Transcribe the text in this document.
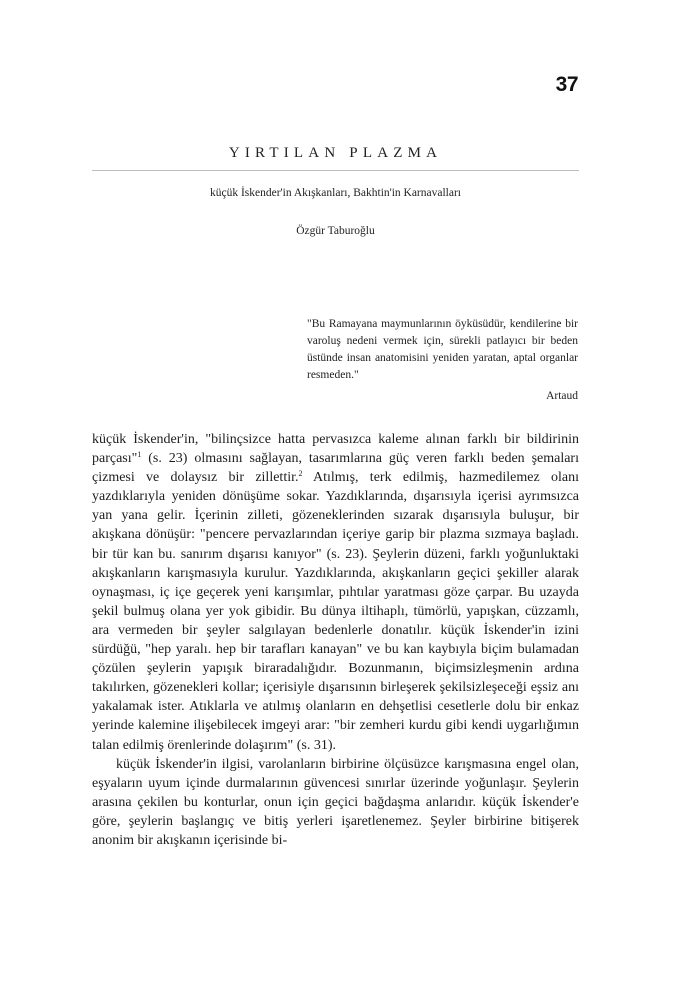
37
YIRTILAN PLAZMA
küçük İskender'in Akışkanları, Bakhtin'in Karnavalları
Özgür Taburoğlu
"Bu Ramayana maymunlarının öyküsüdür, kendilerine bir varoluş nedeni vermek için, sürekli patlayıcı bir beden üstünde insan anatomisini yeniden yaratan, aptal organlar resmeden."
Artaud

küçük İskender'in, "bilinçsizce hatta pervasızca kaleme alınan farklı bir bildirinin parçası"$^1$ (s. 23) olmasını sağlayan, tasarımlarına güç veren farklı beden şemaları çizmesi ve dolaysız bir zillettir.$^2$ Atılmış, terk edilmiş, hazmedilemez olanı yazdıklarıyla yeniden dönüşüme sokar. Yazdıklarında, dışarısıyla içerisi ayrımsızca yan yana gelir. İçerinin zilleti, gözeneklerinden sızarak dışarısıyla buluşur, bir akışkana dönüşür: "pencere pervazlarından içeriye garip bir plazma sızmaya başladı. bir tür kan bu. sanırım dışarısı kanıyor" (s. 23). Şeylerin düzeni, farklı yoğunluktaki akışkanların karışmasıyla kurulur. Yazdıklarında, akışkanların geçici şekiller alarak oynaşması, iç içe geçerek yeni karışımlar, pıhtılar yaratması göze çarpar. Bu uzayda şekil bulmuş olana yer yok gibidir. Bu dünya iltihaplı, tümörlü, yapışkan, cüzzamlı, ara vermeden bir şeyler salgılayan bedenlerle donatılır. küçük İskender'in izini sürdüğü, "hep yaralı. hep bir tarafları kanayan" ve bu kan kaybıyla biçim bulamadan çözülen şeylerin yapışık biraradalığıdır. Bozunmanın, biçimsizleşmenin ardına takılırken, gözenekleri kollar; içerisiyle dışarısının birleşerek şekilsizleşeceği eşsiz anı yakalamak ister. Atıklarla ve atılmış olanların en dehşetlisi cesetlerle dolu bir enkaz yerinde kalemine ilişebilecek imgeyi arar: "bir zemheri kurdu gibi kendi uygarlığımın talan edilmiş örenlerinde dolaşırım" (s. 31).

küçük İskender'in ilgisi, varolanların birbirine ölçüsüzce karışmasına engel olan, eşyaların uyum içinde durmalarının güvencesi sınırlar üzerinde yoğunlaşır. Şeylerin arasına çekilen bu konturlar, onun için geçici bağdaşma anlarıdır. küçük İskender'e göre, şeylerin başlangıç ve bitiş yerleri işaretlenemez. Şeyler birbirine bitişerek anonim bir akışkanın içerisinde bi-
